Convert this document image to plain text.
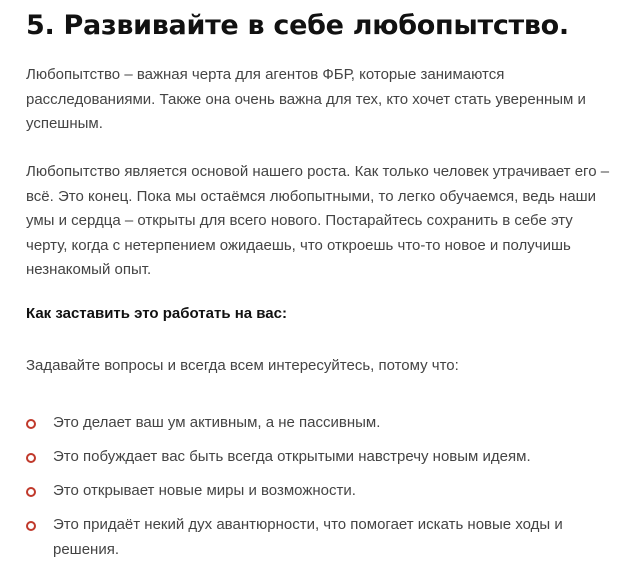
5. Развивайте в себе любопытство.

Любопытство – важная черта для агентов ФБР, которые занимаются расследованиями. Также она очень важна для тех, кто хочет стать уверенным и успешным.

Любопытство является основой нашего роста. Как только человек утрачивает его – всё. Это конец. Пока мы остаёмся любопытными, то легко обучаемся, ведь наши умы и сердца – открыты для всего нового. Постарайтесь сохранить в себе эту черту, когда с нетерпением ожидаешь, что откроешь что-то новое и получишь незнакомый опыт.

Как заставить это работать на вас:

Задавайте вопросы и всегда всем интересуйтесь, потому что:

Это делает ваш ум активным, а не пассивным.
Это побуждает вас быть всегда открытыми навстречу новым идеям.
Это открывает новые миры и возможности.
Это придаёт некий дух авантюрности, что помогает искать новые ходы и решения.
